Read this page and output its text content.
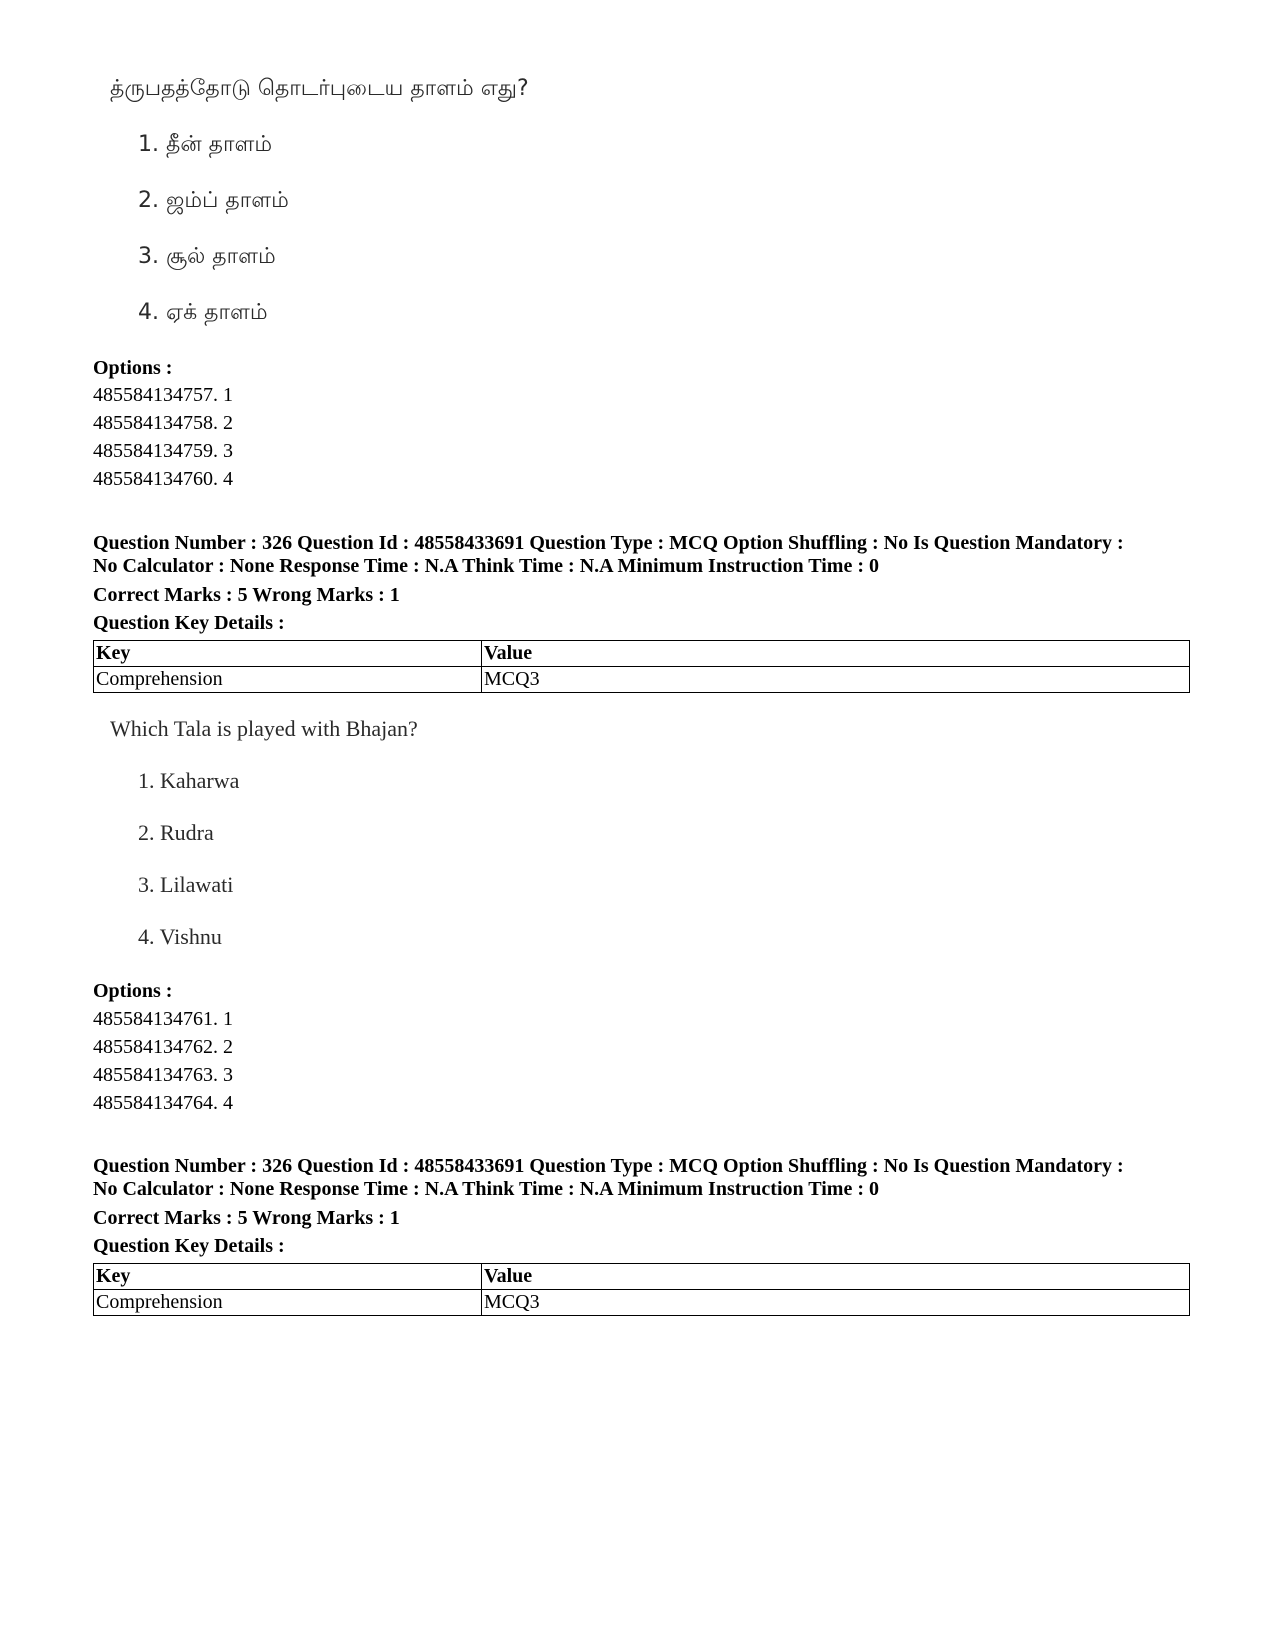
த்ருபதத்தோடு தொடர்புடைய தாளம் எது?
1. தீன் தாளம்
2. ஜம்ப் தாளம்
3. சூல் தாளம்
4. ஏக் தாளம்
Options :
485584134757. 1
485584134758. 2
485584134759. 3
485584134760. 4
Question Number : 326 Question Id : 48558433691 Question Type : MCQ Option Shuffling : No Is Question Mandatory :
No Calculator : None Response Time : N.A Think Time : N.A Minimum Instruction Time : 0
Correct Marks : 5 Wrong Marks : 1
Question Key Details :
Key	Value
Comprehension	MCQ3
Which Tala is played with Bhajan?
1. Kaharwa
2. Rudra
3. Lilawati
4. Vishnu
Options :
485584134761. 1
485584134762. 2
485584134763. 3
485584134764. 4
Question Number : 326 Question Id : 48558433691 Question Type : MCQ Option Shuffling : No Is Question Mandatory :
No Calculator : None Response Time : N.A Think Time : N.A Minimum Instruction Time : 0
Correct Marks : 5 Wrong Marks : 1
Question Key Details :
Key	Value
Comprehension	MCQ3
